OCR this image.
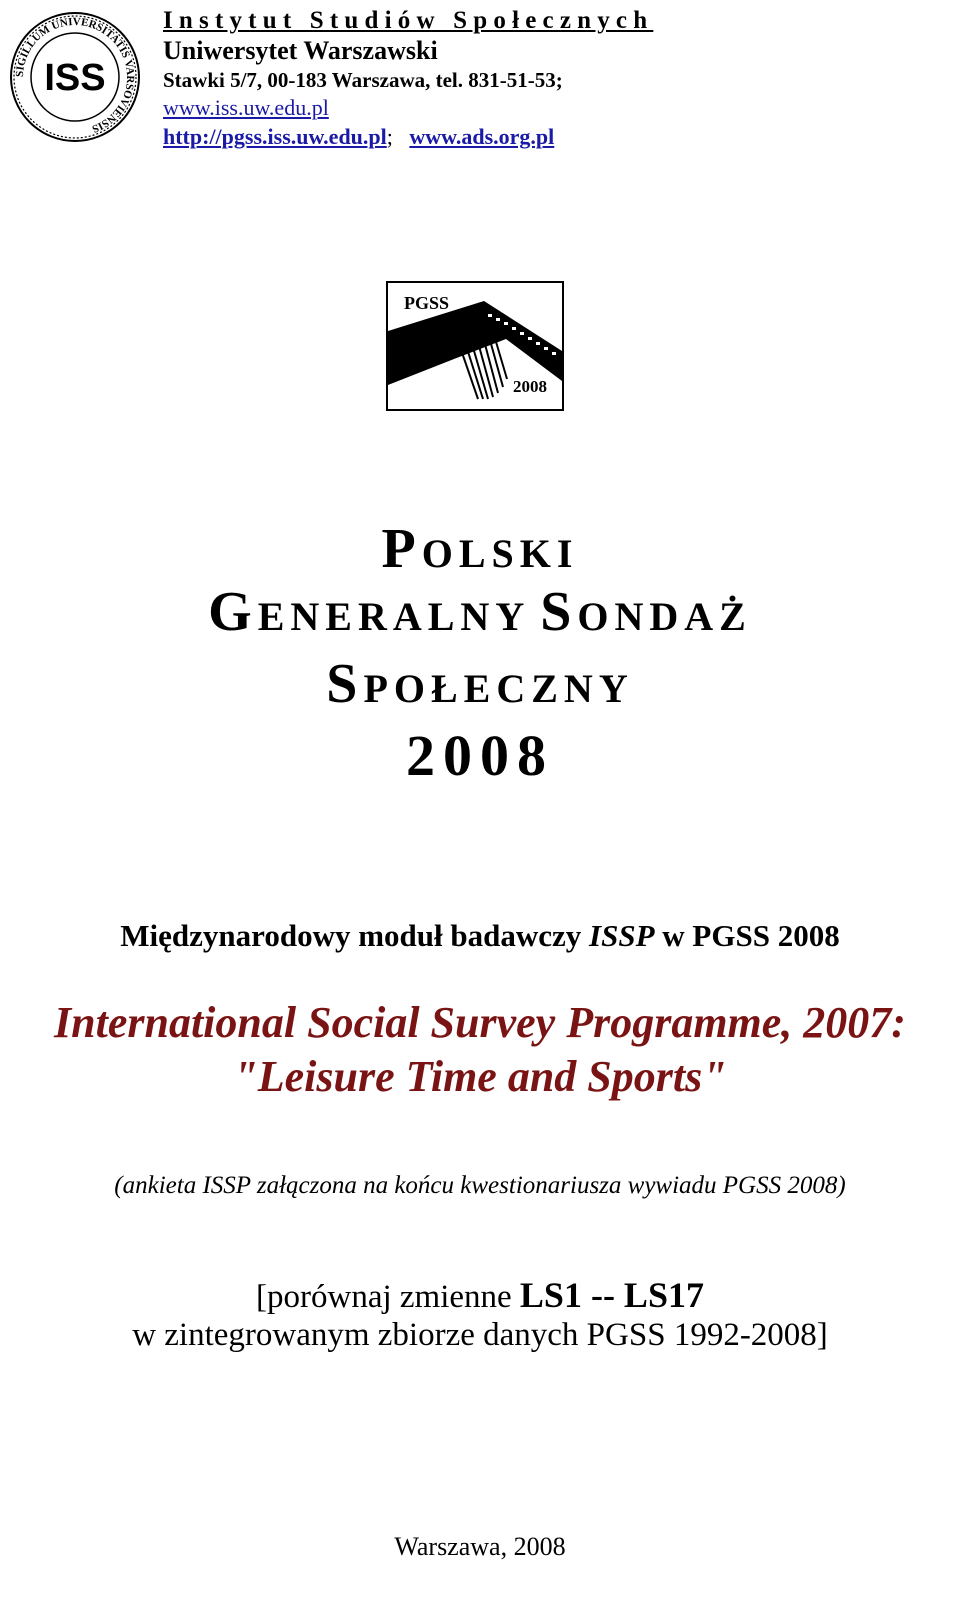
SIGILLUM UNIVERSITATIS VARSOVIENSIS
ISS
Instytut Studiów Społecznych
Uniwersytet Warszawski
Stawki 5/7, 00-183 Warszawa, tel. 831-51-53;
www.iss.uw.edu.pl
http://pgss.iss.uw.edu.pl; www.ads.org.pl
PGSS
2008
POLSKI
GENERALNY SONDAŻ
SPOŁECZNY
2008
Międzynarodowy moduł badawczy ISSP w PGSS 2008
International Social Survey Programme, 2007:
"Leisure Time and Sports"
(ankieta ISSP załączona na końcu kwestionariusza wywiadu PGSS 2008)
[porównaj zmienne LS1 -- LS17
w zintegrowanym zbiorze danych PGSS 1992-2008]
Warszawa, 2008
